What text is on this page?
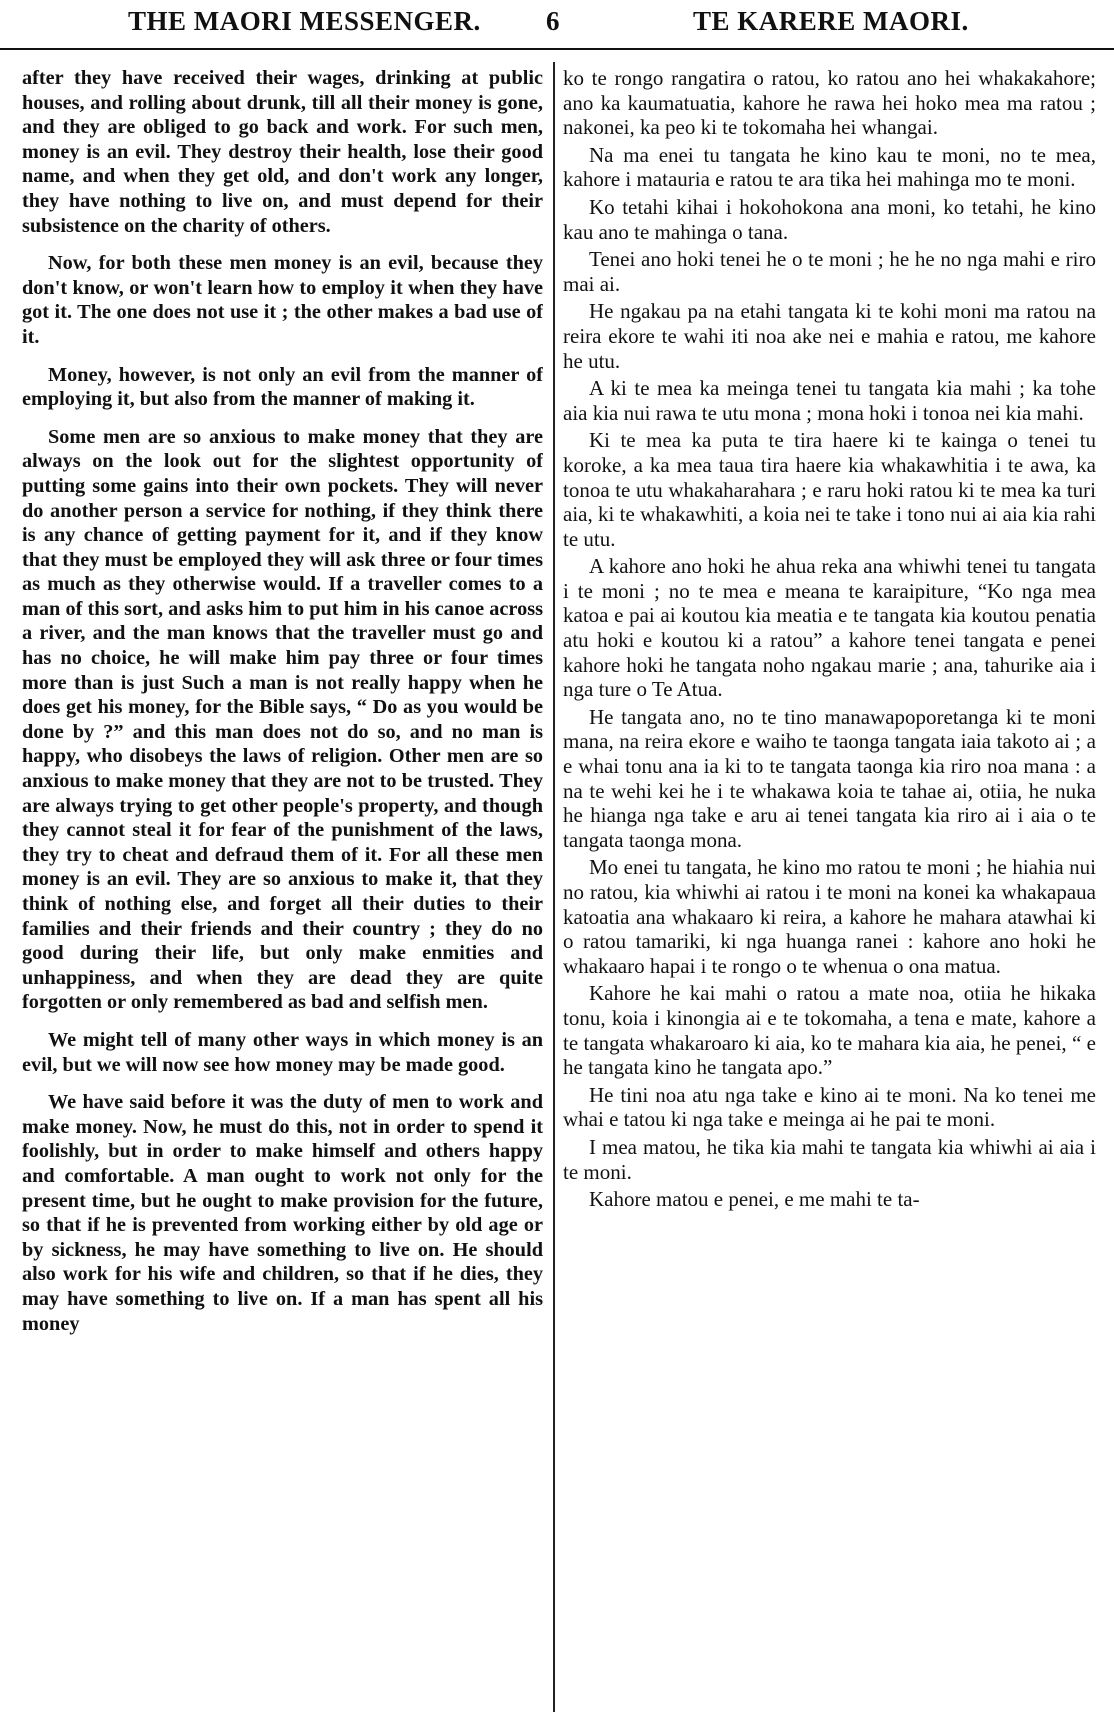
THE MAORI MESSENGER. 6	TE KARERE MAORI.

after they have received their wages, drinking at public houses, and rolling about drunk, till all their money is gone, and they are obliged to go back and work. For such men, money is an evil. They destroy their health, lose their good name, and when they get old, and don't work any longer, they have nothing to live on, and must depend for their subsistence on the charity of others.

Now, for both these men money is an evil, because they don't know, or won't learn how to employ it when they have got it. The one does not use it ; the other makes a bad use of it.

Money, however, is not only an evil from the manner of employing it, but also from the manner of making it.

Some men are so anxious to make money that they are always on the look out for the slightest opportunity of putting some gains into their own pockets. They will never do another person a service for nothing, if they think there is any chance of getting payment for it, and if they know that they must be employed they will ask three or four times as much as they otherwise would. If a traveller comes to a man of this sort, and asks him to put him in his canoe across a river, and the man knows that the traveller must go and has no choice, he will make him pay three or four times more than is just Such a man is not really happy when he does get his money, for the Bible says, “ Do as you would be done by ?” and this man does not do so, and no man is happy, who disobeys the laws of religion. Other men are so anxious to make money that they are not to be trusted. They are always trying to get other people's property, and though they cannot steal it for fear of the punishment of the laws, they try to cheat and defraud them of it. For all these men money is an evil. They are so anxious to make it, that they think of nothing else, and forget all their duties to their families and their friends and their country ; they do no good during their life, but only make enmities and unhappiness, and when they are dead they are quite forgotten or only remembered as bad and selfish men.

We might tell of many other ways in which money is an evil, but we will now see how money may be made good.

We have said before it was the duty of men to work and make money. Now, he must do this, not in order to spend it foolishly, but in order to make himself and others happy and comfortable. A man ought to work not only for the present time, but he ought to make provision for the future, so that if he is prevented from working either by old age or by sickness, he may have something to live on. He should also work for his wife and children, so that if he dies, they may have something to live on. If a man has spent all his money

ko te rongo rangatira o ratou, ko ratou ano hei whakakahore; ano ka kaumatuatia, kahore he rawa hei hoko mea ma ratou ; nakonei, ka peo ki te tokomaha hei whangai.

Na ma enei tu tangata he kino kau te moni, no te mea, kahore i matauria e ratou te ara tika hei mahinga mo te moni.

Ko tetahi kihai i hokohokona ana moni, ko tetahi, he kino kau ano te mahinga o tana.

Tenei ano hoki tenei he o te moni ; he he no nga mahi e riro mai ai.

He ngakau pa na etahi tangata ki te kohi moni ma ratou na reira ekore te wahi iti noa ake nei e mahia e ratou, me kahore he utu.

A ki te mea ka meinga tenei tu tangata kia mahi ; ka tohe aia kia nui rawa te utu mona ; mona hoki i tonoa nei kia mahi.

Ki te mea ka puta te tira haere ki te kainga o tenei tu koroke, a ka mea taua tira haere kia whakawhitia i te awa, ka tonoa te utu whakaharahara ; e raru hoki ratou ki te mea ka turi aia, ki te whakawhiti, a koia nei te take i tono nui ai aia kia rahi te utu.

A kahore ano hoki he ahua reka ana whiwhi tenei tu tangata i te moni ; no te mea e meana te karaipiture, “Ko nga mea katoa e pai ai koutou kia meatia e te tangata kia koutou penatia atu hoki e koutou ki a ratou” a kahore tenei tangata e penei kahore hoki he tangata noho ngakau marie ; ana, tahurike aia i nga ture o Te Atua.

He tangata ano, no te tino manawapoporetanga ki te moni mana, na reira ekore e waiho te taonga tangata iaia takoto ai ; a e whai tonu ana ia ki to te tangata taonga kia riro noa mana : a na te wehi kei he i te whakawa koia te tahae ai, otiia, he nuka he hianga nga take e aru ai tenei tangata kia riro ai i aia o te tangata taonga mona.

Mo enei tu tangata, he kino mo ratou te moni ; he hiahia nui no ratou, kia whiwhi ai ratou i te moni na konei ka whakapaua katoatia ana whakaaro ki reira, a kahore he mahara atawhai ki o ratou tamariki, ki nga huanga ranei : kahore ano hoki he whakaaro hapai i te rongo o te whenua o ona matua.

Kahore he kai mahi o ratou a mate noa, otiia he hikaka tonu, koia i kinongia ai e te tokomaha, a tena e mate, kahore a te tangata whakaroaro ki aia, ko te mahara kia aia, he penei, “ e he tangata kino he tangata apo.”

He tini noa atu nga take e kino ai te moni. Na ko tenei me whai e tatou ki nga take e meinga ai he pai te moni.

I mea matou, he tika kia mahi te tangata kia whiwhi ai aia i te moni.

Kahore matou e penei, e me mahi te ta-
